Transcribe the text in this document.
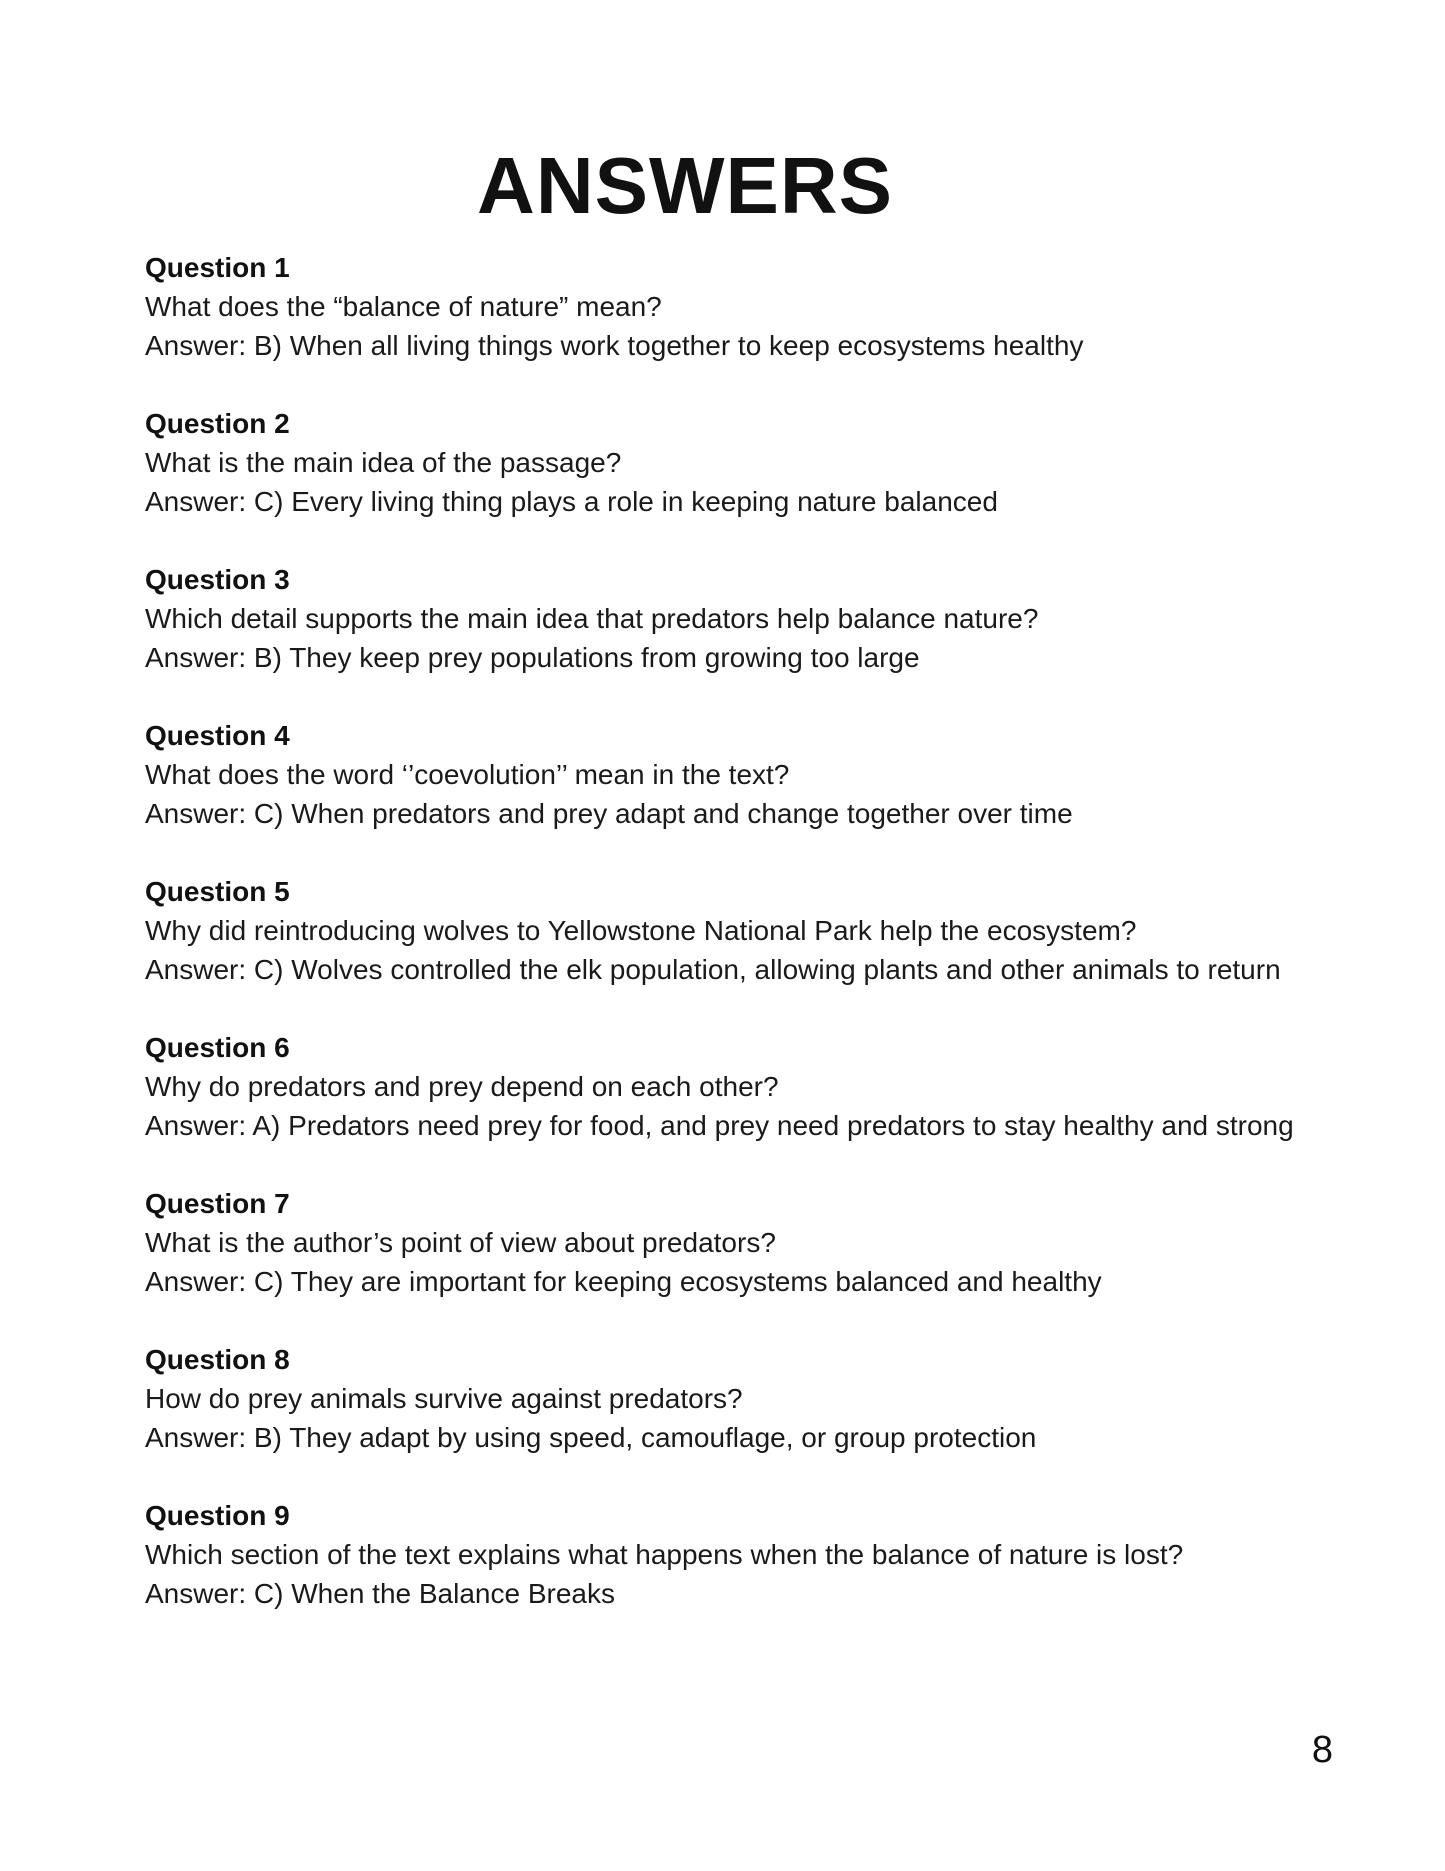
ANSWERS
Question 1
What does the “balance of nature” mean?
Answer: B) When all living things work together to keep ecosystems healthy
Question 2
What is the main idea of the passage?
Answer: C) Every living thing plays a role in keeping nature balanced
Question 3
Which detail supports the main idea that predators help balance nature?
Answer: B) They keep prey populations from growing too large
Question 4
What does the word ‘’coevolution’’ mean in the text?
Answer: C) When predators and prey adapt and change together over time
Question 5
Why did reintroducing wolves to Yellowstone National Park help the ecosystem?
Answer: C) Wolves controlled the elk population, allowing plants and other animals to return
Question 6
Why do predators and prey depend on each other?
Answer: A) Predators need prey for food, and prey need predators to stay healthy and strong
Question 7
What is the author’s point of view about predators?
Answer: C) They are important for keeping ecosystems balanced and healthy
Question 8
How do prey animals survive against predators?
Answer: B) They adapt by using speed, camouflage, or group protection
Question 9
Which section of the text explains what happens when the balance of nature is lost?
Answer: C) When the Balance Breaks
8
